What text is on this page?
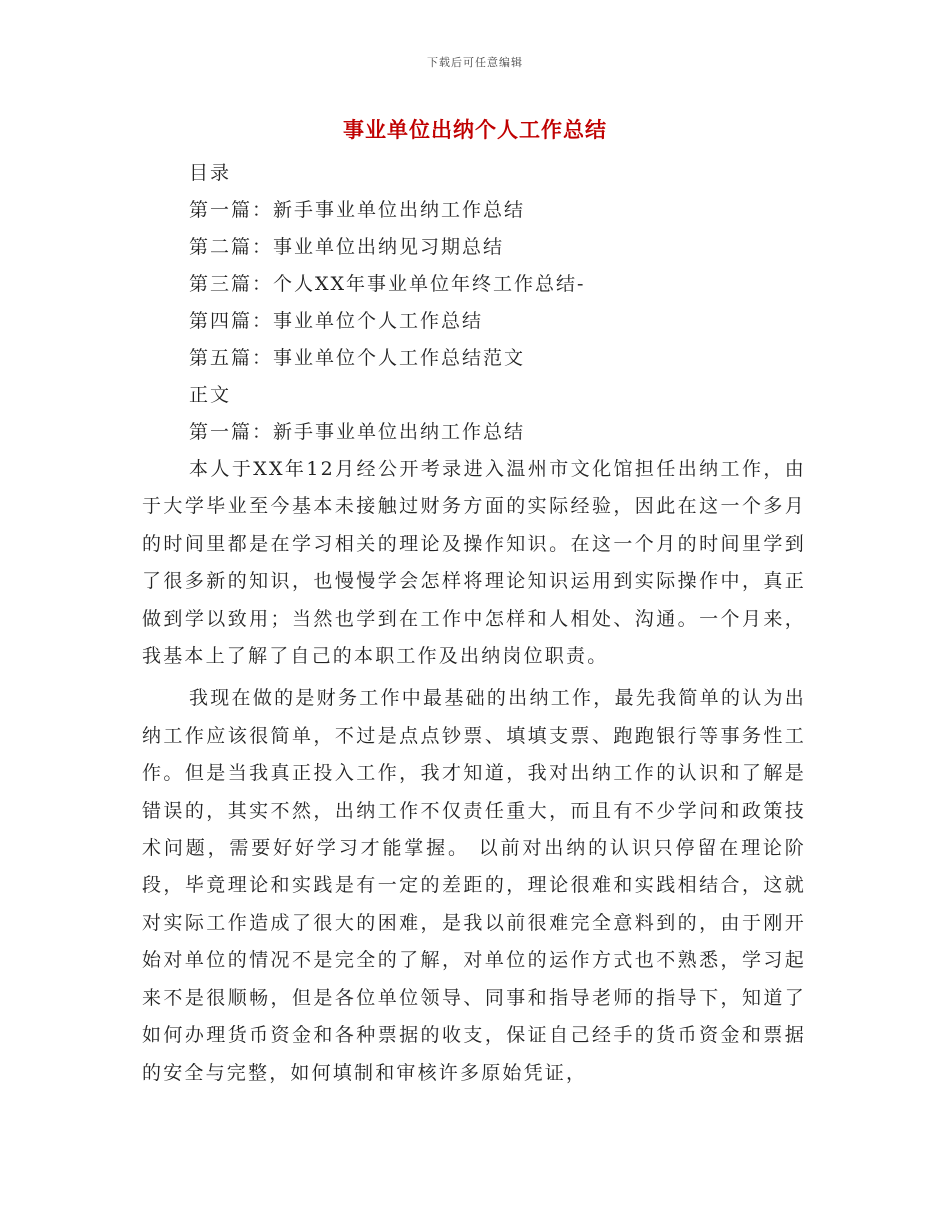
下载后可任意编辑
事业单位出纳个人工作总结
目录
第一篇：新手事业单位出纳工作总结
第二篇：事业单位出纳见习期总结
第三篇：个人XX年事业单位年终工作总结-
第四篇：事业单位个人工作总结
第五篇：事业单位个人工作总结范文
正文
第一篇：新手事业单位出纳工作总结

本人于XX年12月经公开考录进入温州市文化馆担任出纳工作，由于大学毕业至今基本未接触过财务方面的实际经验，因此在这一个多月的时间里都是在学习相关的理论及操作知识。在这一个月的时间里学到了很多新的知识，也慢慢学会怎样将理论知识运用到实际操作中，真正做到学以致用；当然也学到在工作中怎样和人相处、沟通。一个月来，我基本上了解了自己的本职工作及出纳岗位职责。

我现在做的是财务工作中最基础的出纳工作，最先我简单的认为出纳工作应该很简单，不过是点点钞票、填填支票、跑跑银行等事务性工作。但是当我真正投入工作，我才知道，我对出纳工作的认识和了解是错误的，其实不然，出纳工作不仅责任重大，而且有不少学问和政策技术问题，需要好好学习才能掌握。 以前对出纳的认识只停留在理论阶段，毕竟理论和实践是有一定的差距的，理论很难和实践相结合，这就对实际工作造成了很大的困难，是我以前很难完全意料到的，由于刚开始对单位的情况不是完全的了解，对单位的运作方式也不熟悉，学习起来不是很顺畅，但是各位单位领导、同事和指导老师的指导下，知道了如何办理货币资金和各种票据的收支，保证自己经手的货币资金和票据的安全与完整，如何填制和审核许多原始凭证，
